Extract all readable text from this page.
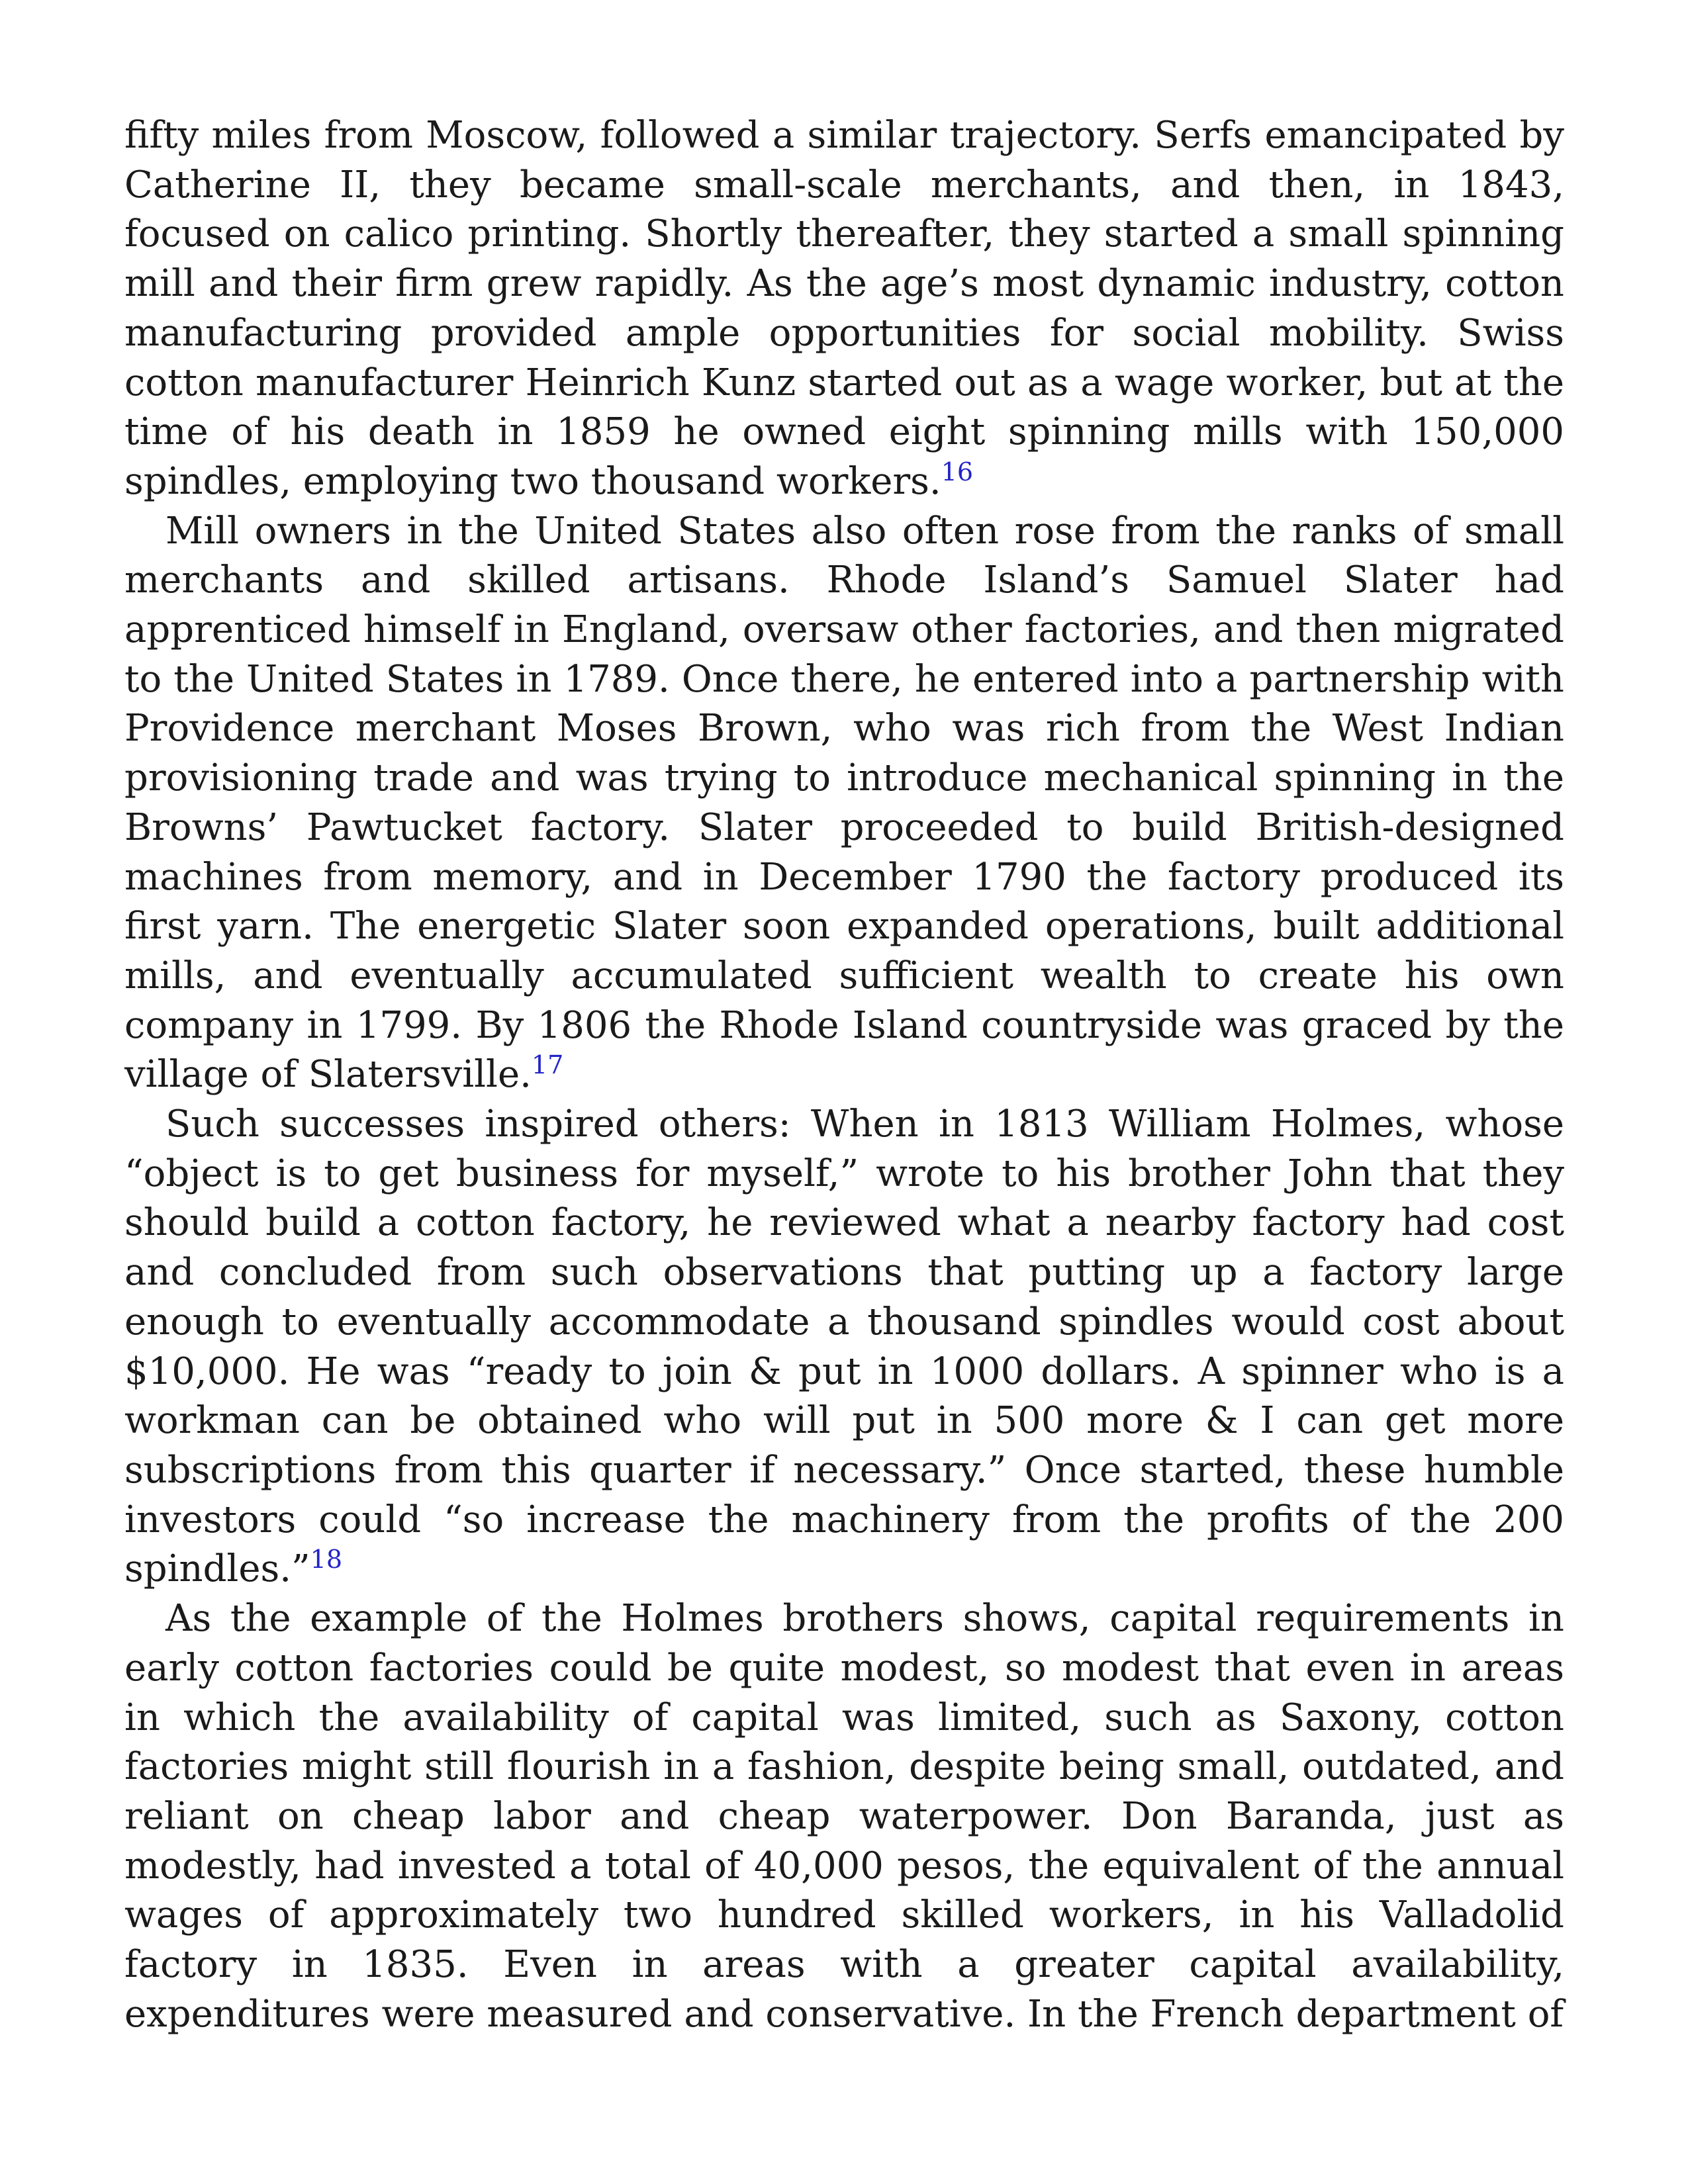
fifty miles from Moscow, followed a similar trajectory. Serfs emancipated by Catherine II, they became small-scale merchants, and then, in 1843, focused on calico printing. Shortly thereafter, they started a small spinning mill and their firm grew rapidly. As the age’s most dynamic industry, cotton manufacturing provided ample opportunities for social mobility. Swiss cotton manufacturer Heinrich Kunz started out as a wage worker, but at the time of his death in 1859 he owned eight spinning mills with 150,000 spindles, employing two thousand workers.$^{16}$

Mill owners in the United States also often rose from the ranks of small merchants and skilled artisans. Rhode Island’s Samuel Slater had apprenticed himself in England, oversaw other factories, and then migrated to the United States in 1789. Once there, he entered into a partnership with Providence merchant Moses Brown, who was rich from the West Indian provisioning trade and was trying to introduce mechanical spinning in the Browns’ Pawtucket factory. Slater proceeded to build British-designed machines from memory, and in December 1790 the factory produced its first yarn. The energetic Slater soon expanded operations, built additional mills, and eventually accumulated sufficient wealth to create his own company in 1799. By 1806 the Rhode Island countryside was graced by the village of Slatersville.$^{17}$

Such successes inspired others: When in 1813 William Holmes, whose “object is to get business for myself,” wrote to his brother John that they should build a cotton factory, he reviewed what a nearby factory had cost and concluded from such observations that putting up a factory large enough to eventually accommodate a thousand spindles would cost about $10,000. He was “ready to join & put in 1000 dollars. A spinner who is a workman can be obtained who will put in 500 more & I can get more subscriptions from this quarter if necessary.” Once started, these humble investors could “so increase the machinery from the profits of the 200 spindles.”$^{18}$

As the example of the Holmes brothers shows, capital requirements in early cotton factories could be quite modest, so modest that even in areas in which the availability of capital was limited, such as Saxony, cotton factories might still flourish in a fashion, despite being small, outdated, and reliant on cheap labor and cheap waterpower. Don Baranda, just as modestly, had invested a total of 40,000 pesos, the equivalent of the annual wages of approximately two hundred skilled workers, in his Valladolid factory in 1835. Even in areas with a greater capital availability, expenditures were measured and conservative. In the French department of
